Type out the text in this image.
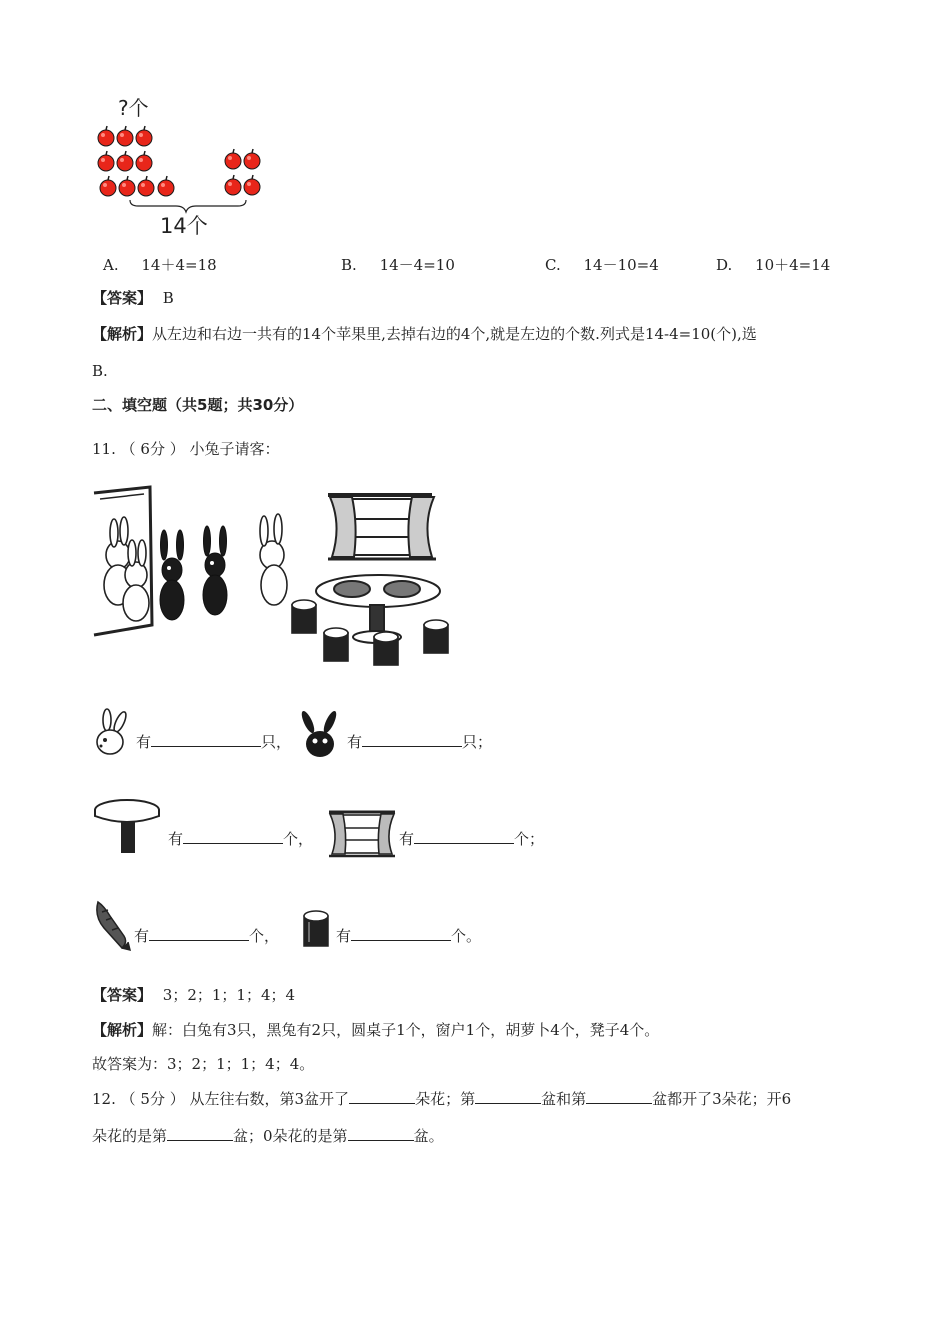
?个
14个
A. 14＋4=18	B. 14－4=10	C. 14－10=4	D. 10＋4=14
【答案】 B
【解析】从左边和右边一共有的14个苹果里,去掉右边的4个,就是左边的个数.列式是14-4=10(个),选
B.
二、填空题（共5题；共30分）
11. （ 6分 ） 小兔子请客：
有	只，	有	只；
有	个，	有	个；
有	个，	有	个。
【答案】 3；2；1；1；4；4
【解析】解：白兔有3只，黑兔有2只，圆桌子1个，窗户1个，胡萝卜4个，凳子4个。
故答案为：3；2；1；1；4；4。
12. （ 5分 ） 从左往右数，第3盆开了	朵花；第	盆和第	盆都开了3朵花；开6
朵花的是第	盆；0朵花的是第	盆。
